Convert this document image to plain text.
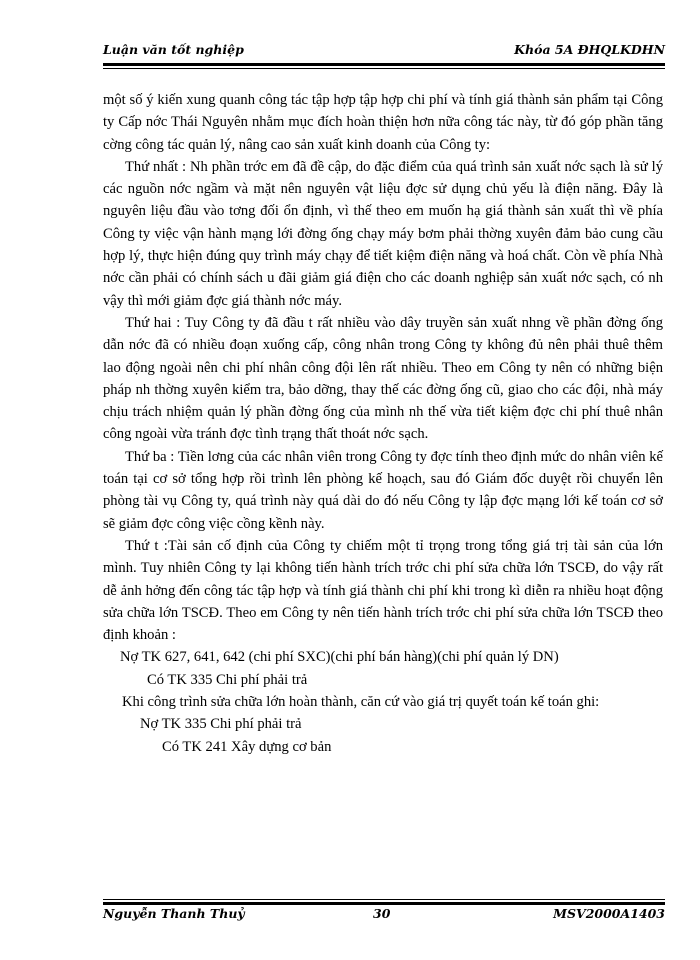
Luận văn tốt nghiệp	Khóa 5A ĐHQLKDHN

một số ý kiến xung quanh công tác tập hợp tập hợp chi phí và tính giá thành sản phẩm tại Công ty Cấp nớc Thái Nguyên nhằm mục đích hoàn thiện hơn nữa công tác này, từ đó góp phần tăng cờng công tác quản lý, nâng cao sản xuất kinh doanh của Công ty:

Thứ nhất : Nh phần trớc em đã đề cập, do đặc điểm của quá trình sản xuất nớc sạch là sử lý các nguồn nớc ngầm và mặt nên nguyên vật liệu đợc sử dụng chủ yếu là điện năng. Đây là nguyên liệu đầu vào tơng đối ổn định, vì thế theo em muốn hạ giá thành sản xuất thì về phía Công ty việc vận hành mạng lới đờng ống chạy máy bơm phải thờng xuyên đảm bảo cung cầu hợp lý, thực hiện đúng quy trình máy chạy để tiết kiệm điện năng và hoá chất. Còn về phía Nhà nớc cần phải có chính sách u đãi giảm giá điện cho các doanh nghiệp sản xuất nớc sạch, có nh vậy thì mới giảm đợc giá thành nớc máy.

Thứ hai : Tuy Công ty đã đầu t rất nhiều vào dây truyền sản xuất nhng về phần đờng ống dẫn nớc đã có nhiều đoạn xuống cấp, công nhân trong Công ty không đủ nên phải thuê thêm lao động ngoài nên chi phí nhân công đội lên rất nhiều. Theo em Công ty nên có những biện pháp nh thờng xuyên kiểm tra, bảo dỡng, thay thế các đờng ống cũ, giao cho các đội, nhà máy chịu trách nhiệm quản lý phần đờng ống của mình nh thế vừa tiết kiệm đợc chi phí thuê nhân công ngoài vừa tránh đợc tình trạng thất thoát nớc sạch.

Thứ ba : Tiền lơng của các nhân viên trong Công ty đợc tính theo định mức do nhân viên kế toán tại cơ sở tổng hợp rồi trình lên phòng kế hoạch, sau đó Giám đốc duyệt rồi chuyển lên phòng tài vụ Công ty, quá trình này quá dài do đó nếu Công ty lập đợc mạng lới kế toán cơ sở sẽ giảm đợc công việc cồng kềnh này.

Thứ t :Tài sản cố định của Công ty chiếm một tỉ trọng trong tổng giá trị tài sản của lớn mình. Tuy nhiên Công ty lại không tiến hành trích trớc chi phí sửa chữa lớn TSCĐ, do vậy rất dễ ảnh hởng đến công tác tập hợp và tính giá thành chi phí khi trong kì diễn ra nhiều hoạt động sửa chữa lớn TSCĐ. Theo em Công ty nên tiến hành trích trớc chi phí sửa chữa lớn TSCĐ theo định khoản :

Nợ TK 627, 641, 642 (chi phí SXC)(chi phí bán hàng)(chi phí quản lý DN)
Có TK 335 Chi phí phải trả
Khi công trình sửa chữa lớn hoàn thành, căn cứ vào giá trị quyết toán kế toán ghi:
Nợ TK 335 Chi phí phải trả
Có TK 241 Xây dựng cơ bản
Nguyễn Thanh Thuỷ	30	MSV2000A1403
